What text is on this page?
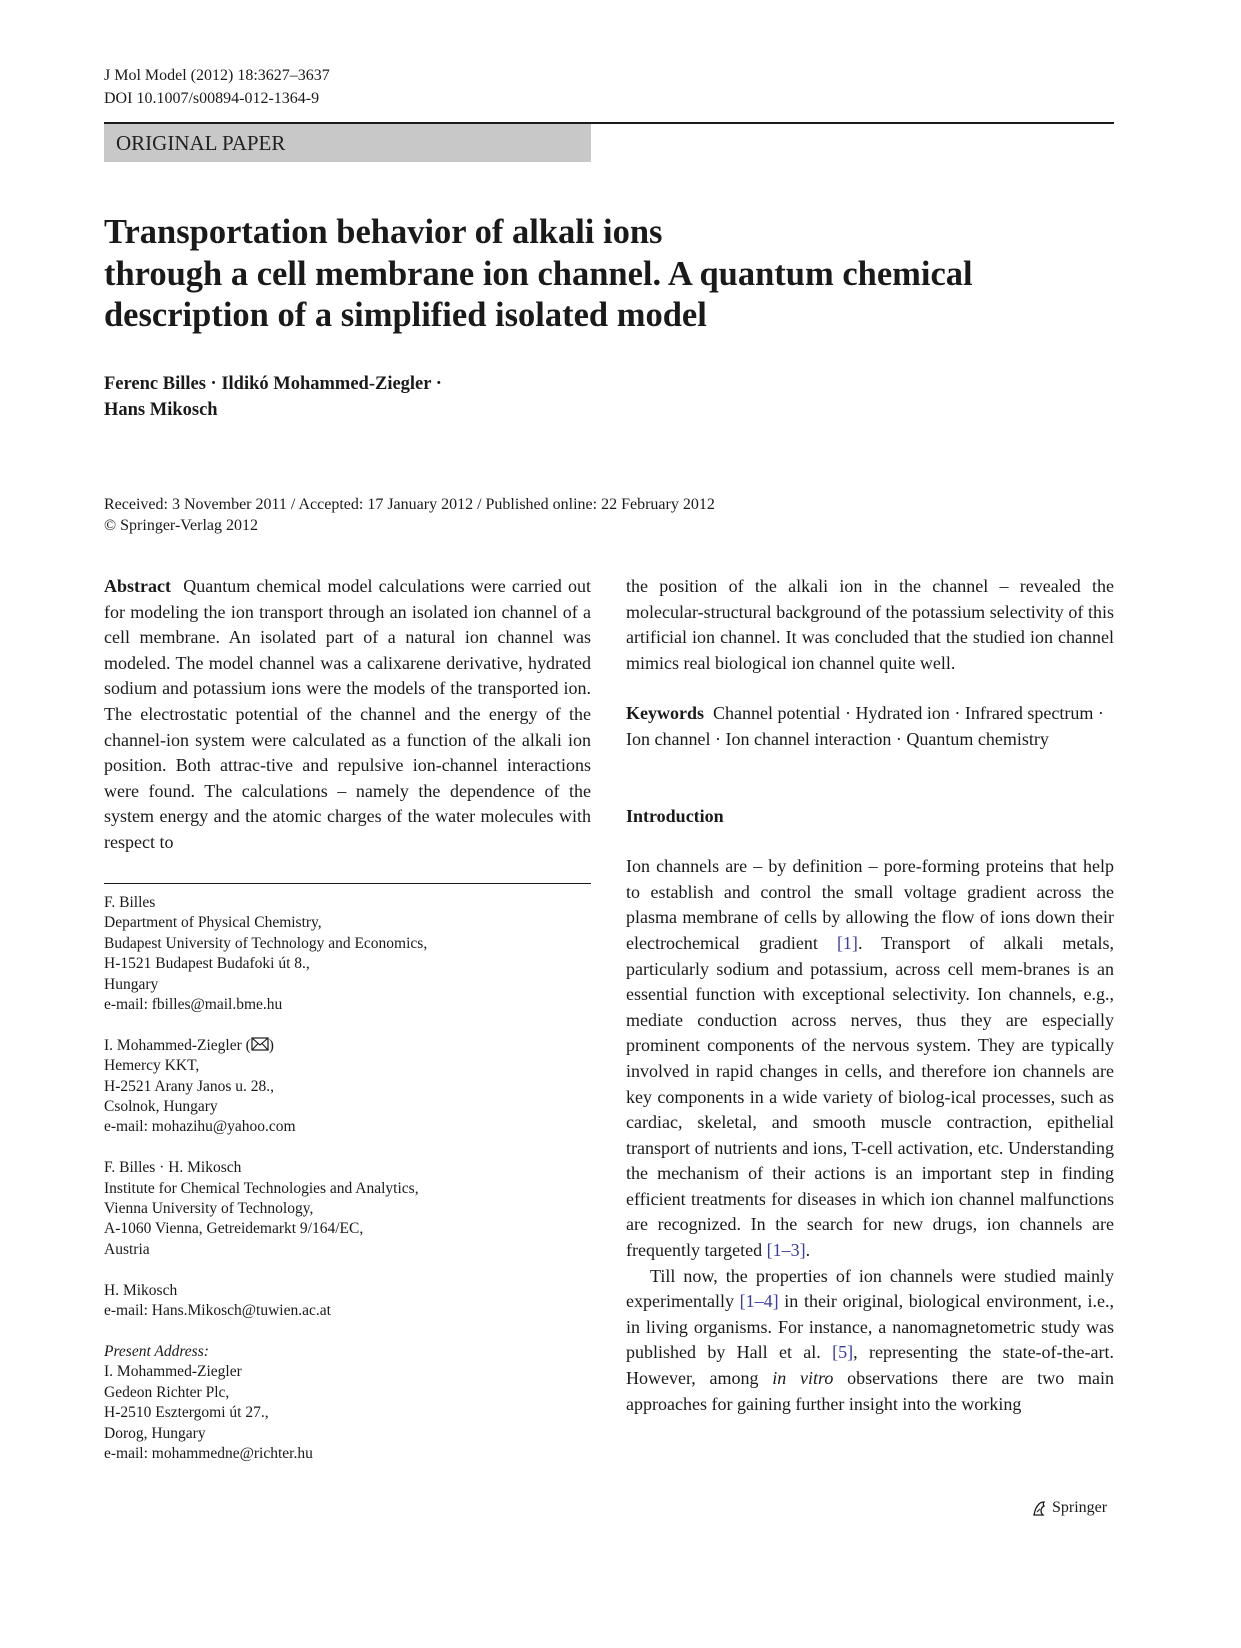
J Mol Model (2012) 18:3627–3637
DOI 10.1007/s00894-012-1364-9
ORIGINAL PAPER
Transportation behavior of alkali ions
through a cell membrane ion channel. A quantum chemical
description of a simplified isolated model
Ferenc Billes · Ildikó Mohammed-Ziegler ·
Hans Mikosch
Received: 3 November 2011 / Accepted: 17 January 2012 / Published online: 22 February 2012
© Springer-Verlag 2012
Abstract Quantum chemical model calculations were carried out for modeling the ion transport through an isolated ion channel of a cell membrane. An isolated part of a natural ion channel was modeled. The model channel was a calixarene derivative, hydrated sodium and potassium ions were the models of the transported ion. The electrostatic potential of the channel and the energy of the channel-ion system were calculated as a function of the alkali ion position. Both attrac-tive and repulsive ion-channel interactions were found. The calculations – namely the dependence of the system energy and the atomic charges of the water molecules with respect to
F. Billes
Department of Physical Chemistry,
Budapest University of Technology and Economics,
H-1521 Budapest Budafoki út 8.,
Hungary
e-mail: fbilles@mail.bme.hu
I. Mohammed-Ziegler ( )
Hemercy KKT,
H-2521 Arany Janos u. 28.,
Csolnok, Hungary
e-mail: mohazihu@yahoo.com
F. Billes · H. Mikosch
Institute for Chemical Technologies and Analytics,
Vienna University of Technology,
A-1060 Vienna, Getreidemarkt 9/164/EC,
Austria
H. Mikosch
e-mail: Hans.Mikosch@tuwien.ac.at
Present Address:
I. Mohammed-Ziegler
Gedeon Richter Plc,
H-2510 Esztergomi út 27.,
Dorog, Hungary
e-mail: mohammedne@richter.hu
the position of the alkali ion in the channel – revealed the molecular-structural background of the potassium selectivity of this artificial ion channel. It was concluded that the studied ion channel mimics real biological ion channel quite well.
Keywords Channel potential · Hydrated ion · Infrared spectrum · Ion channel · Ion channel interaction · Quantum chemistry
Introduction
Ion channels are – by definition – pore-forming proteins that help to establish and control the small voltage gradient across the plasma membrane of cells by allowing the flow of ions down their electrochemical gradient [1]. Transport of alkali metals, particularly sodium and potassium, across cell mem-branes is an essential function with exceptional selectivity. Ion channels, e.g., mediate conduction across nerves, thus they are especially prominent components of the nervous system. They are typically involved in rapid changes in cells, and therefore ion channels are key components in a wide variety of biolog-ical processes, such as cardiac, skeletal, and smooth muscle contraction, epithelial transport of nutrients and ions, T-cell activation, etc. Understanding the mechanism of their actions is an important step in finding efficient treatments for diseases in which ion channel malfunctions are recognized. In the search for new drugs, ion channels are frequently targeted [1–3].
Till now, the properties of ion channels were studied mainly experimentally [1–4] in their original, biological environment, i.e., in living organisms. For instance, a nanomagnetometric study was published by Hall et al. [5], representing the state-of-the-art. However, among in vitro observations there are two main approaches for gaining further insight into the working
Springer
